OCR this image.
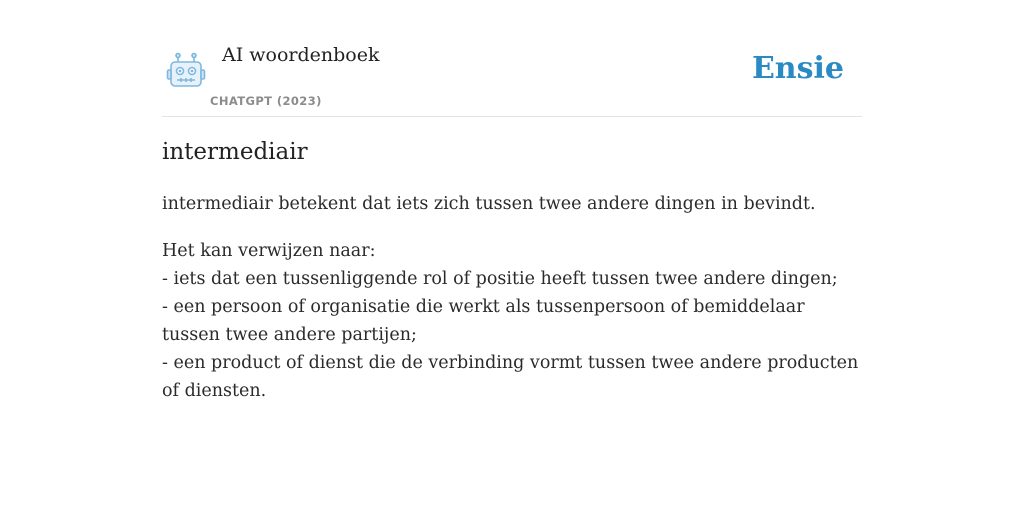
AI woordenboek
CHATGPT (2023)
Ensie
intermediair

intermediair betekent dat iets zich tussen twee andere dingen in bevindt.

Het kan verwijzen naar:
- iets dat een tussenliggende rol of positie heeft tussen twee andere dingen;
- een persoon of organisatie die werkt als tussenpersoon of bemiddelaar tussen twee andere partijen;
- een product of dienst die de verbinding vormt tussen twee andere producten of diensten.
